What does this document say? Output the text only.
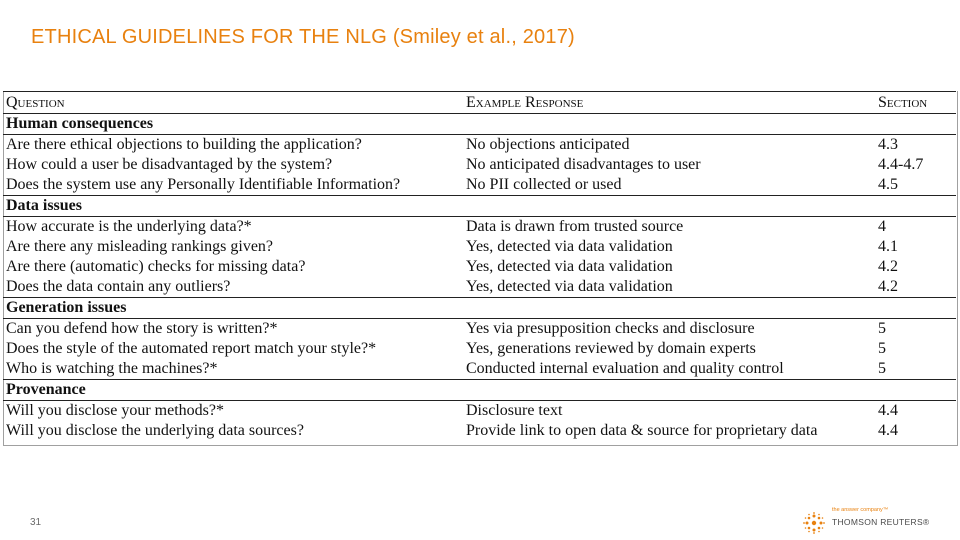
ETHICAL GUIDELINES FOR THE NLG (Smiley et al., 2017)
Question	Example Response	Section
Human consequences		
Are there ethical objections to building the application?	No objections anticipated	4.3
How could a user be disadvantaged by the system?	No anticipated disadvantages to user	4.4-4.7
Does the system use any Personally Identifiable Information?	No PII collected or used	4.5
Data issues		
How accurate is the underlying data?*	Data is drawn from trusted source	4
Are there any misleading rankings given?	Yes, detected via data validation	4.1
Are there (automatic) checks for missing data?	Yes, detected via data validation	4.2
Does the data contain any outliers?	Yes, detected via data validation	4.2
Generation issues		
Can you defend how the story is written?*	Yes via presupposition checks and disclosure	5
Does the style of the automated report match your style?*	Yes, generations reviewed by domain experts	5
Who is watching the machines?*	Conducted internal evaluation and quality control	5
Provenance		
Will you disclose your methods?*	Disclosure text	4.4
Will you disclose the underlying data sources?	Provide link to open data & source for proprietary data	4.4
31
the answer company™
THOMSON REUTERS®
